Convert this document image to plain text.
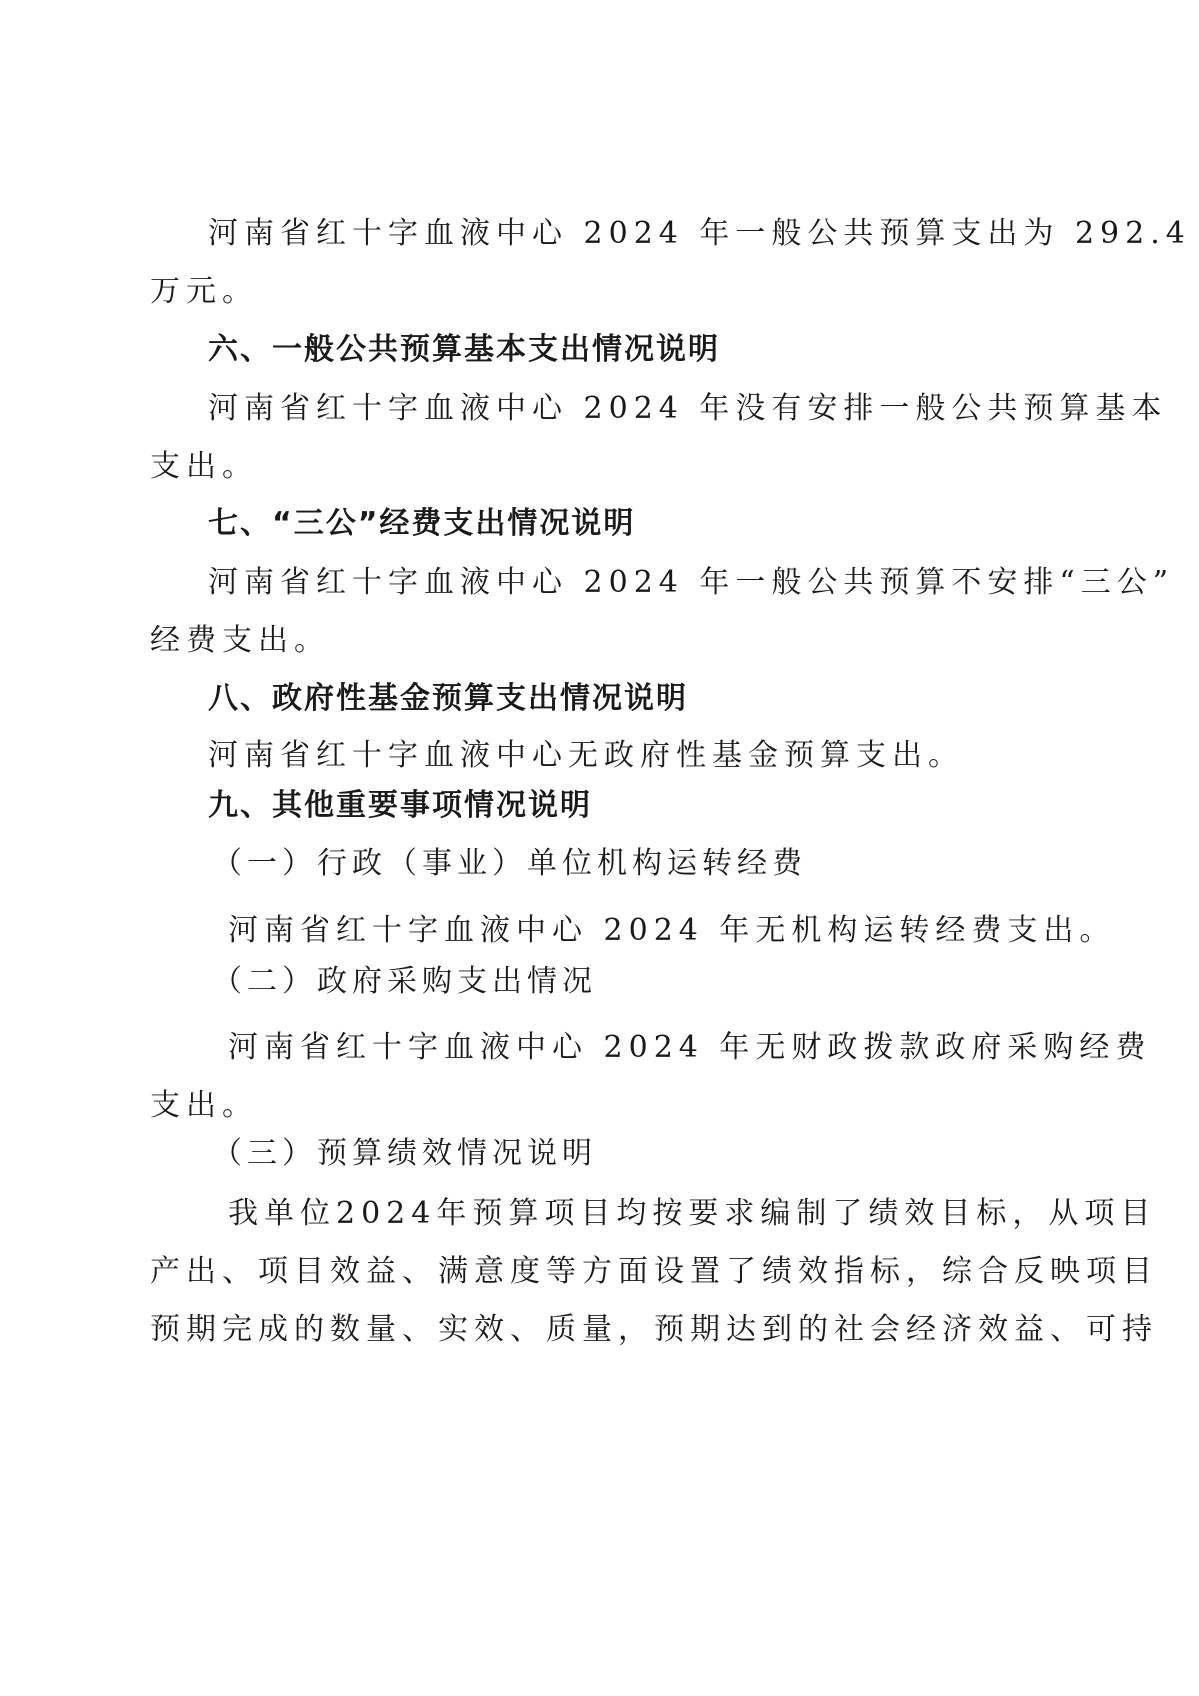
河南省红十字血液中心 2024 年一般公共预算支出为 292.4

万元。

六、一般公共预算基本支出情况说明

河南省红十字血液中心 2024 年没有安排一般公共预算基本

支出。

七、“三公”经费支出情况说明

河南省红十字血液中心 2024 年一般公共预算不安排“三公”

经费支出。

八、政府性基金预算支出情况说明

河南省红十字血液中心无政府性基金预算支出。

九、其他重要事项情况说明

（一）行政（事业）单位机构运转经费

河南省红十字血液中心 2024 年无机构运转经费支出。

（二）政府采购支出情况

河南省红十字血液中心 2024 年无财政拨款政府采购经费

支出。

（三）预算绩效情况说明

我单位2024年预算项目均按要求编制了绩效目标，从项目

产出、项目效益、满意度等方面设置了绩效指标，综合反映项目

预期完成的数量、实效、质量，预期达到的社会经济效益、可持
